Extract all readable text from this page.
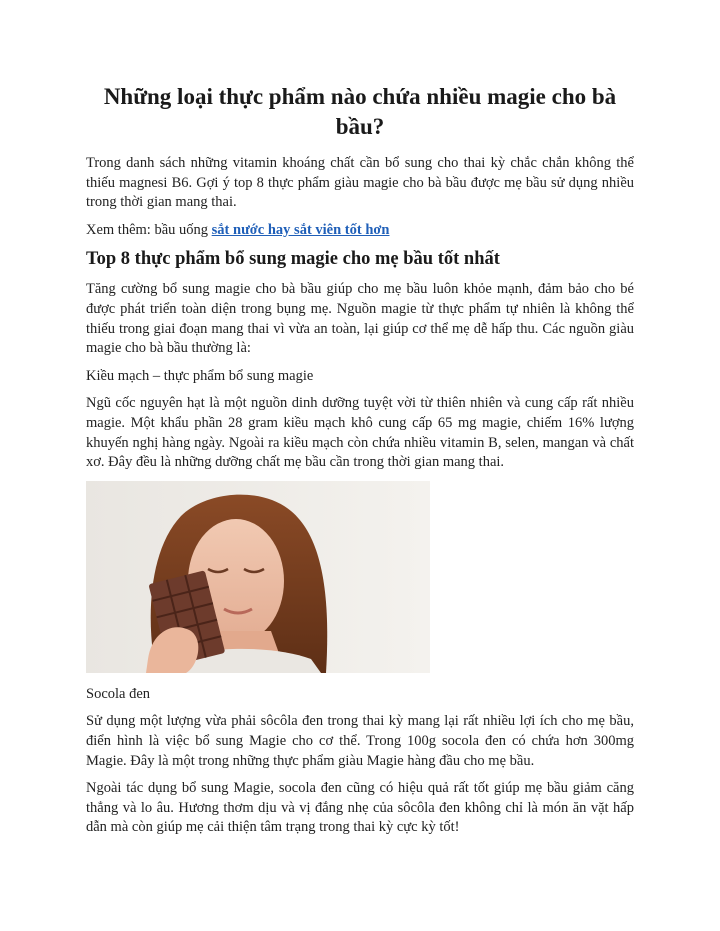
Những loại thực phẩm nào chứa nhiều magie cho bà bầu?

Trong danh sách những vitamin khoáng chất cần bổ sung cho thai kỳ chắc chắn không thể thiếu magnesi B6. Gợi ý top 8 thực phẩm giàu magie cho bà bầu được mẹ bầu sử dụng nhiều trong thời gian mang thai.

Xem thêm: bầu uống sắt nước hay sắt viên tốt hơn

Top 8 thực phẩm bổ sung magie cho mẹ bầu tốt nhất

Tăng cường bổ sung magie cho bà bầu giúp cho mẹ bầu luôn khỏe mạnh, đảm bảo cho bé được phát triển toàn diện trong bụng mẹ. Nguồn magie từ thực phẩm tự nhiên là không thể thiếu trong giai đoạn mang thai vì vừa an toàn, lại giúp cơ thể mẹ dễ hấp thu. Các nguồn giàu magie cho bà bầu thường là:

Kiều mạch – thực phẩm bổ sung magie

Ngũ cốc nguyên hạt là một nguồn dinh dưỡng tuyệt vời từ thiên nhiên và cung cấp rất nhiều magie. Một khẩu phần 28 gram kiều mạch khô cung cấp 65 mg magie, chiếm 16% lượng khuyến nghị hàng ngày. Ngoài ra kiều mạch còn chứa nhiều vitamin B, selen, mangan và chất xơ. Đây đều là những dưỡng chất mẹ bầu cần trong thời gian mang thai.

Socola đen

Sử dụng một lượng vừa phải sôcôla đen trong thai kỳ mang lại rất nhiều lợi ích cho mẹ bầu, điển hình là việc bổ sung Magie cho cơ thể. Trong 100g socola đen có chứa hơn 300mg Magie. Đây là một trong những thực phẩm giàu Magie hàng đầu cho mẹ bầu.

Ngoài tác dụng bổ sung Magie, socola đen cũng có hiệu quả rất tốt giúp mẹ bầu giảm căng thẳng và lo âu. Hương thơm dịu và vị đắng nhẹ của sôcôla đen không chỉ là món ăn vặt hấp dẫn mà còn giúp mẹ cải thiện tâm trạng trong thai kỳ cực kỳ tốt!
